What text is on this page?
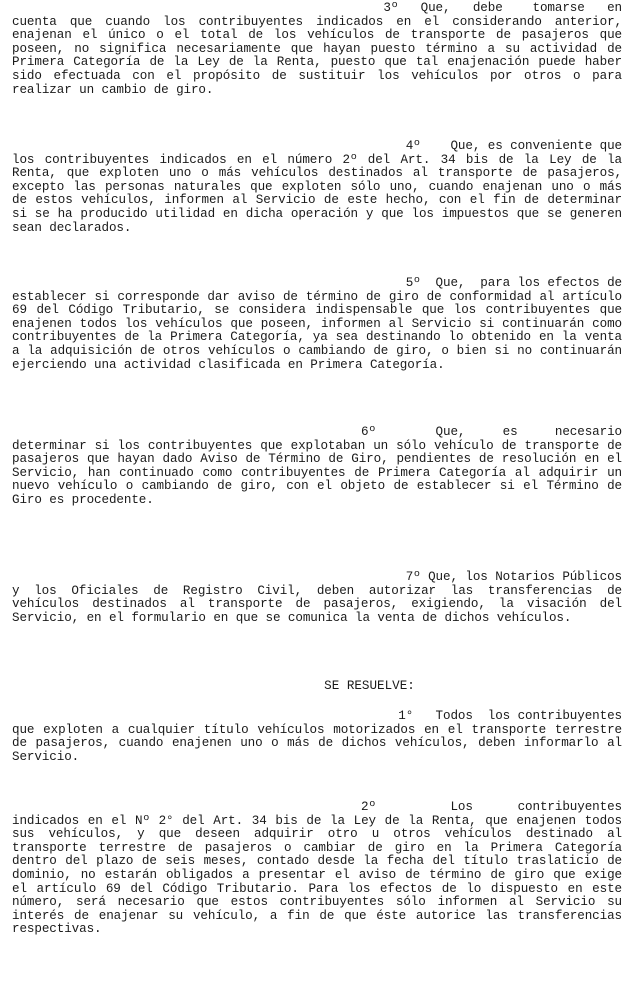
3º   Que,   debe    tomarse   en
cuenta que cuando los contribuyentes indicados en el considerando anterior, enajenan el único o el total de los vehículos de transporte de pasajeros que poseen, no significa necesariamente que hayan puesto término a su actividad de Primera Categoría de la Ley de la Renta, puesto que tal enajenación puede haber sido efectuada con el propósito de sustituir los vehículos por otros o para realizar un cambio de giro.
4º    Que, es conveniente que
los contribuyentes indicados en el número 2º del Art. 34 bis de la Ley de la Renta, que exploten uno o más vehículos destinados al transporte de pasajeros, excepto las personas naturales que exploten sólo uno, cuando enajenan uno o más de estos vehículos, informen al Servicio de este hecho, con el fin de determinar si se ha producido utilidad en dicha operación y que los impuestos que se generen sean declarados.
5º  Que,  para los efectos de
establecer si corresponde dar aviso de término de giro de conformidad al artículo 69 del Código Tributario, se considera indispensable que los contribuyentes que enajenen todos los vehículos que poseen, informen al Servicio si continuarán como contribuyentes de la Primera Categoría, ya sea destinando lo obtenido en la venta a la adquisición de otros vehículos o cambiando de giro, o bien si no continuarán ejerciendo una actividad clasificada en Primera Categoría.
6º        Que,     es     necesario
determinar si los contribuyentes que explotaban un sólo vehículo de transporte de pasajeros que hayan dado Aviso de Término de Giro, pendientes de resolución en el Servicio, han continuado como contribuyentes de Primera Categoría al adquirir un nuevo vehículo o cambiando de giro, con el objeto de establecer si el Término de Giro es procedente.
7º Que, los Notarios Públicos
y los Oficiales de Registro Civil, deben autorizar las transferencias de vehículos destinados al transporte de pasajeros, exigiendo, la visación del Servicio, en el formulario en que se comunica la venta de dichos vehículos.
SE RESUELVE:
1°   Todos  los contribuyentes
que exploten a cualquier título vehículos motorizados en el transporte terrestre de pasajeros, cuando enajenen uno o más de dichos vehículos, deben informarlo al Servicio.
2º          Los      contribuyentes
indicados en el Nº 2° del Art. 34 bis de la Ley de la Renta, que enajenen todos sus vehículos, y que deseen adquirir otro u otros vehículos destinado al transporte terrestre de pasajeros o cambiar de giro en la Primera Categoría dentro del plazo de seis meses, contado desde la fecha del título traslaticio de dominio, no estarán obligados a presentar el aviso de término de giro que exige el artículo 69 del Código Tributario. Para los efectos de lo dispuesto en este número, será necesario que estos contribuyentes sólo informen al Servicio su interés de enajenar su vehículo, a fin de que éste autorice las transferencias respectivas.
